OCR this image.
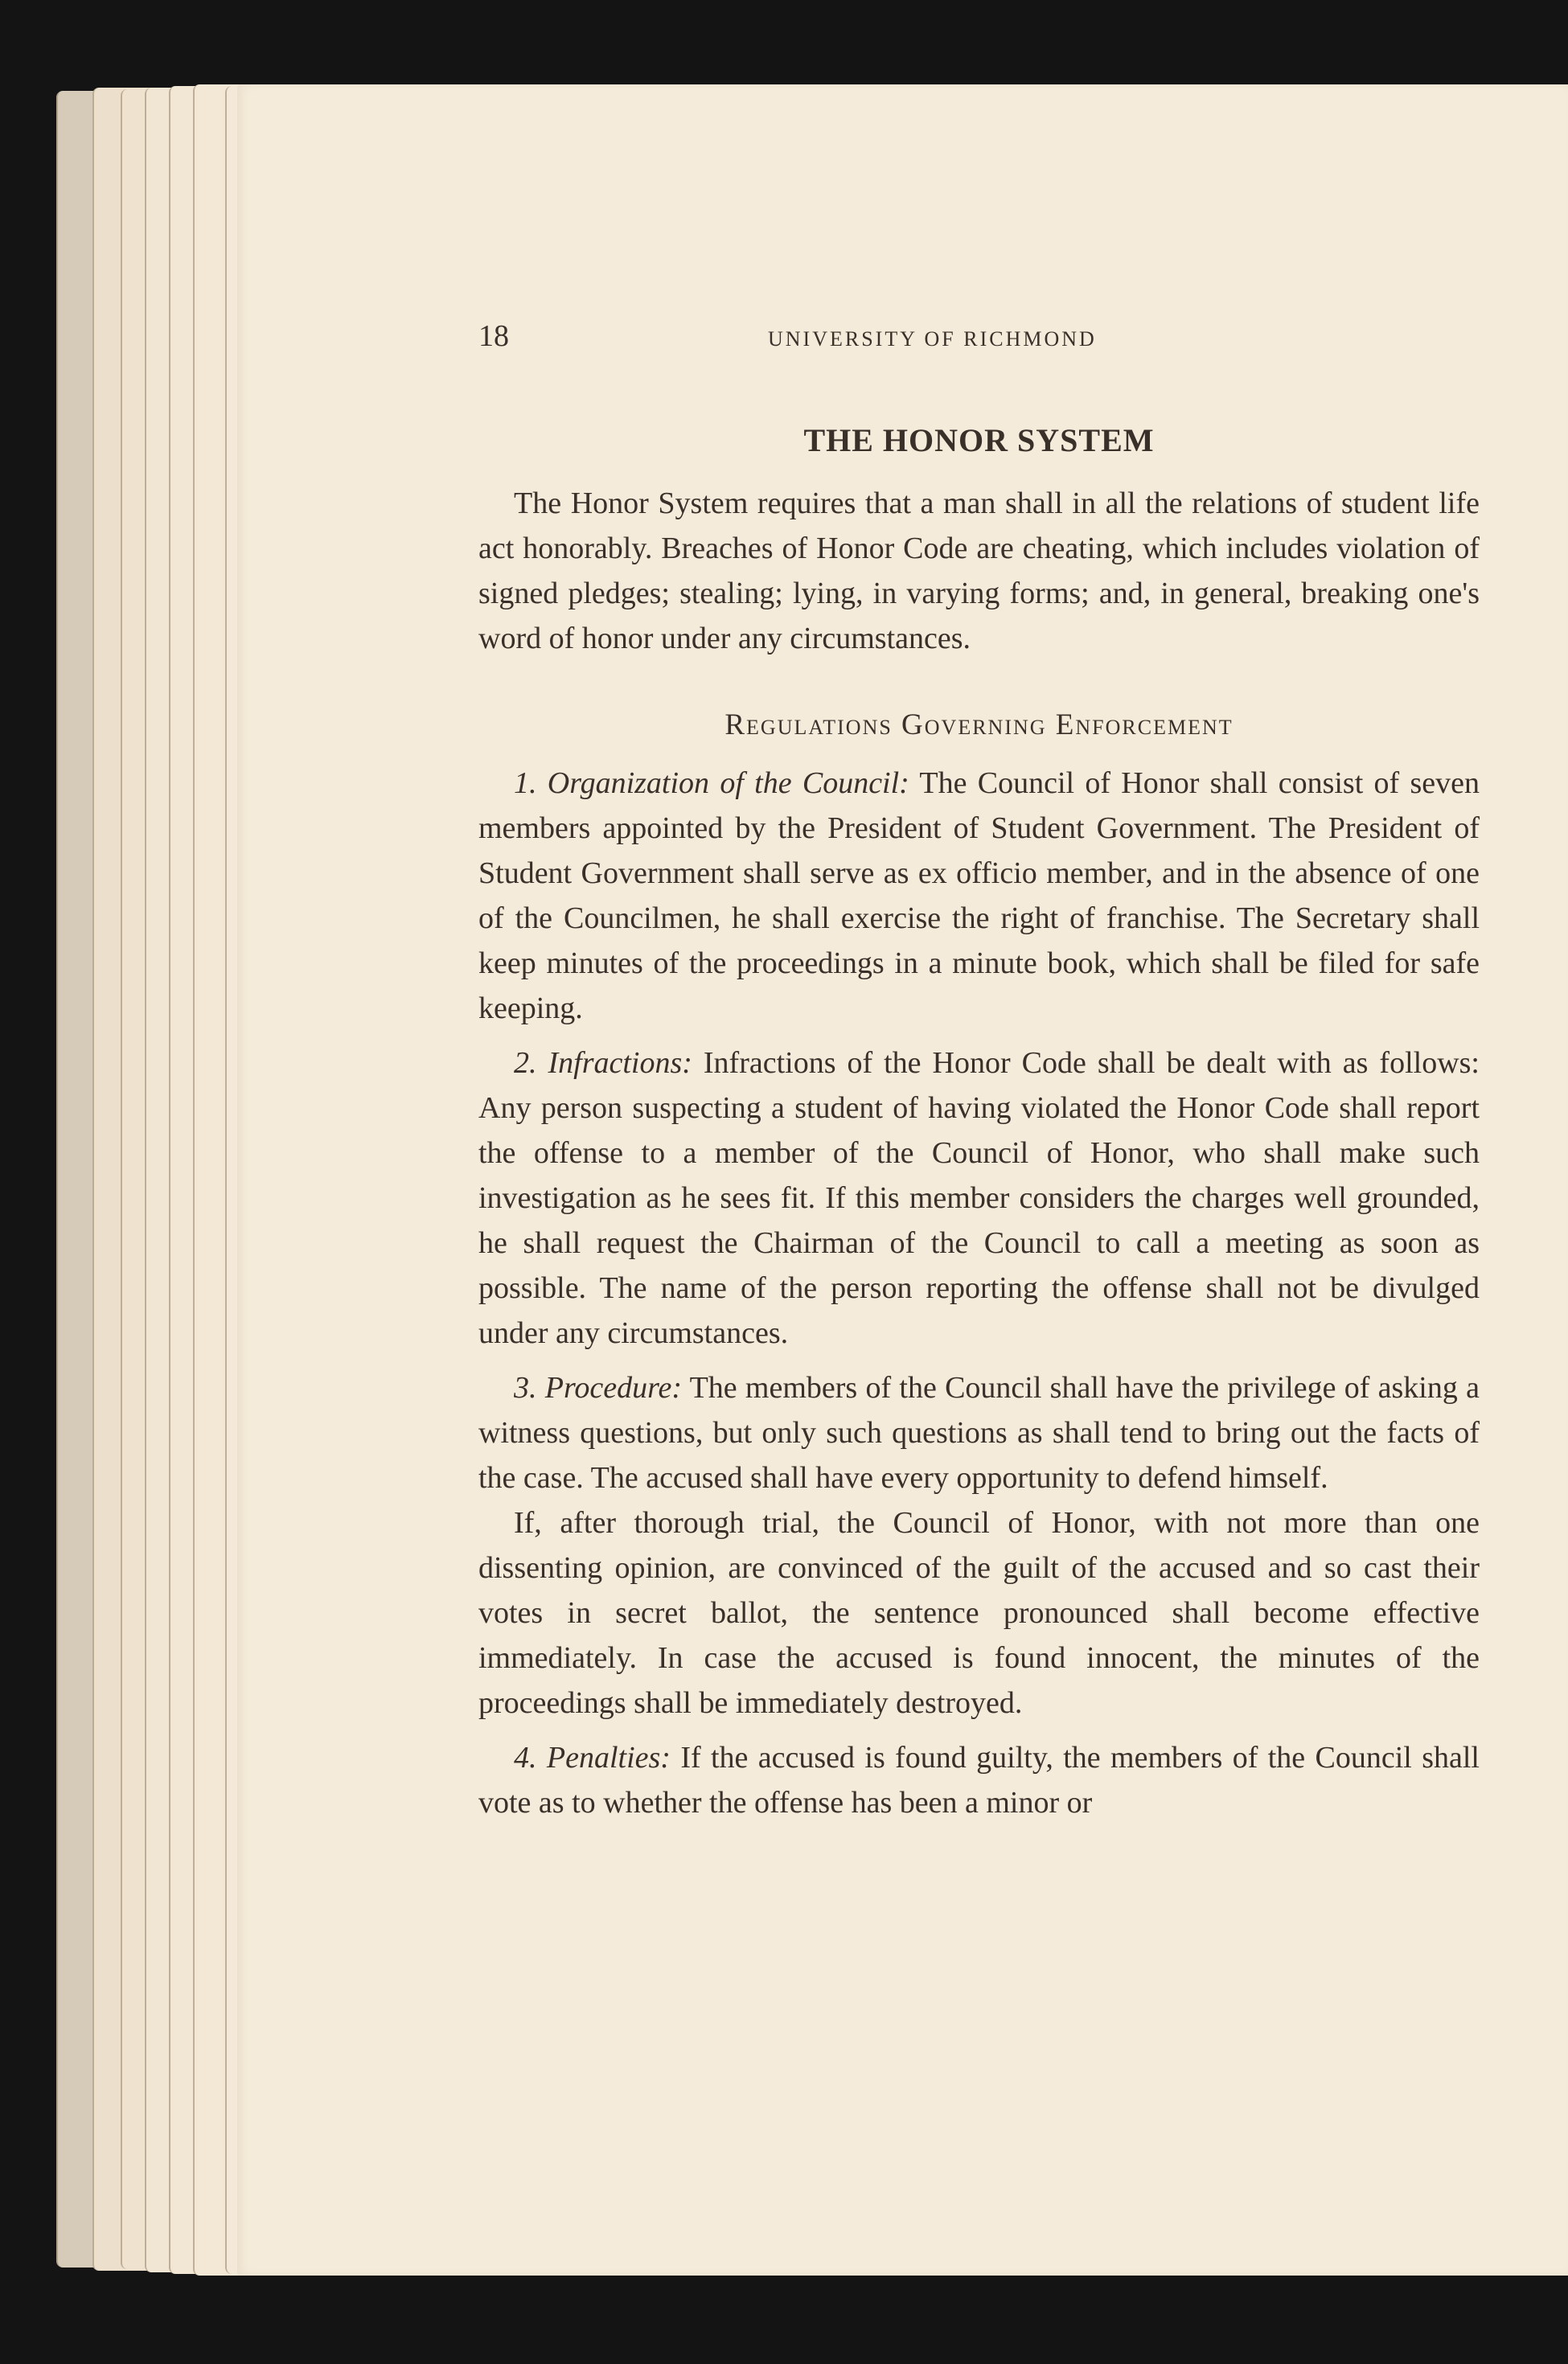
18	UNIVERSITY OF RICHMOND
THE HONOR SYSTEM

The Honor System requires that a man shall in all the relations of student life act honorably. Breaches of Honor Code are cheating, which includes violation of signed pledges; stealing; lying, in varying forms; and, in general, breaking one's word of honor under any circumstances.

Regulations Governing Enforcement

1. Organization of the Council: The Council of Honor shall consist of seven members appointed by the President of Student Government. The President of Student Government shall serve as ex officio member, and in the absence of one of the Councilmen, he shall exercise the right of franchise. The Secretary shall keep minutes of the proceedings in a minute book, which shall be filed for safe keeping.

2. Infractions: Infractions of the Honor Code shall be dealt with as follows: Any person suspecting a student of having violated the Honor Code shall report the offense to a member of the Council of Honor, who shall make such investigation as he sees fit. If this member considers the charges well grounded, he shall request the Chairman of the Council to call a meeting as soon as possible. The name of the person reporting the offense shall not be divulged under any circumstances.

3. Procedure: The members of the Council shall have the privilege of asking a witness questions, but only such questions as shall tend to bring out the facts of the case. The accused shall have every opportunity to defend himself.

If, after thorough trial, the Council of Honor, with not more than one dissenting opinion, are convinced of the guilt of the accused and so cast their votes in secret ballot, the sentence pronounced shall become effective immediately. In case the accused is found innocent, the minutes of the proceedings shall be immediately destroyed.

4. Penalties: If the accused is found guilty, the members of the Council shall vote as to whether the offense has been a minor or
